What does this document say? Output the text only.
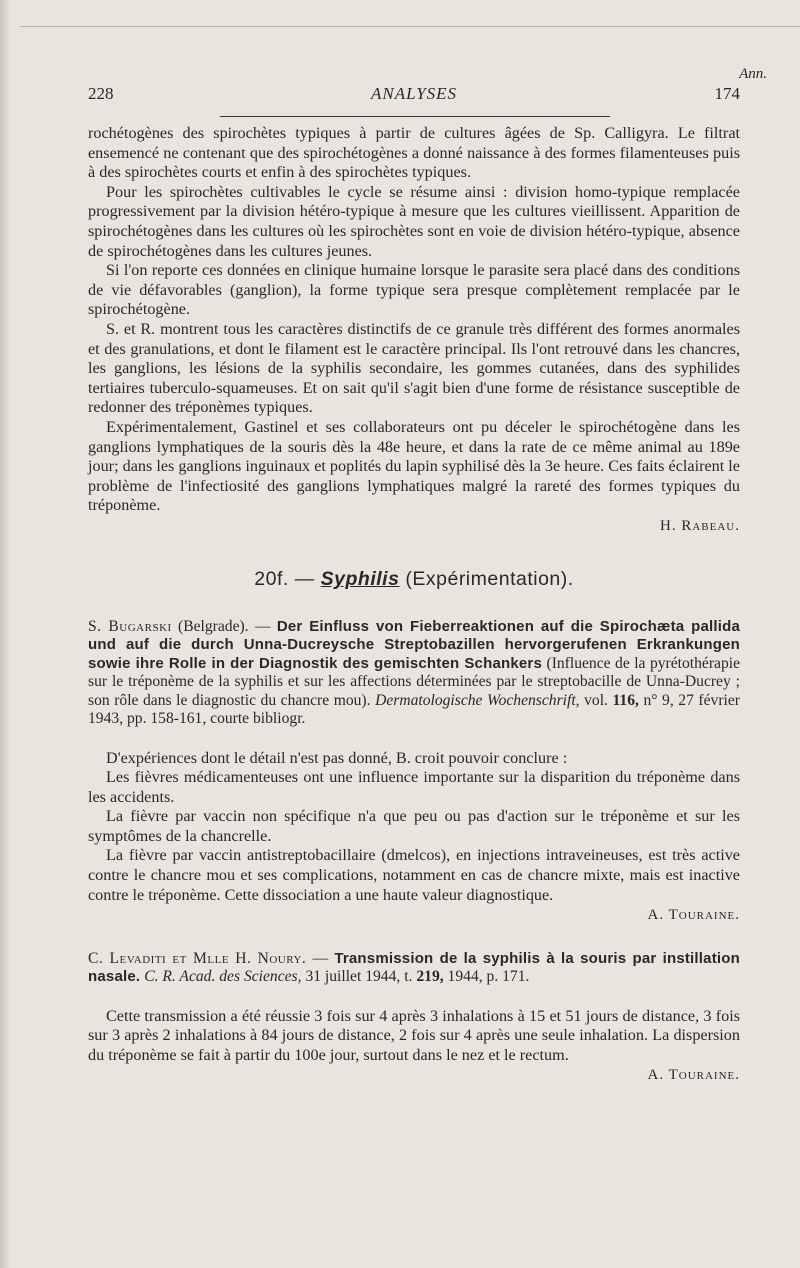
Ann.
228	ANALYSES	174

rochétogènes des spirochètes typiques à partir de cultures âgées de Sp. Calligyra. Le filtrat ensemencé ne contenant que des spirochétogènes a donné naissance à des formes filamenteuses puis à des spirochètes courts et enfin à des spirochètes typiques.

Pour les spirochètes cultivables le cycle se résume ainsi : division homo-typique remplacée progressivement par la division hétéro-typique à mesure que les cultures vieillissent. Apparition de spirochétogènes dans les cultures où les spirochètes sont en voie de division hétéro-typique, absence de spirochétogènes dans les cultures jeunes.

Si l'on reporte ces données en clinique humaine lorsque le parasite sera placé dans des conditions de vie défavorables (ganglion), la forme typique sera presque complètement remplacée par le spirochétogène.

S. et R. montrent tous les caractères distinctifs de ce granule très différent des formes anormales et des granulations, et dont le filament est le caractère principal. Ils l'ont retrouvé dans les chancres, les ganglions, les lésions de la syphilis secondaire, les gommes cutanées, dans des syphilides tertiaires tuberculo-squameuses. Et on sait qu'il s'agit bien d'une forme de résistance susceptible de redonner des tréponèmes typiques.

Expérimentalement, Gastinel et ses collaborateurs ont pu déceler le spirochétogène dans les ganglions lymphatiques de la souris dès la 48e heure, et dans la rate de ce même animal au 189e jour; dans les ganglions inguinaux et poplités du lapin syphilisé dès la 3e heure. Ces faits éclairent le problème de l'infectiosité des ganglions lymphatiques malgré la rareté des formes typiques du tréponème.

H. Rabeau.
20f. — Syphilis (Expérimentation).

S. Bugarski (Belgrade). — Der Einfluss von Fieberreaktionen auf die Spirochæta pallida und auf die durch Unna-Ducreysche Streptobazillen hervorgerufenen Erkrankungen sowie ihre Rolle in der Diagnostik des gemischten Schankers (Influence de la pyrétothérapie sur le tréponème de la syphilis et sur les affections déterminées par le streptobacille de Unna-Ducrey ; son rôle dans le diagnostic du chancre mou). Dermatologische Wochenschrift, vol. 116, n° 9, 27 février 1943, pp. 158-161, courte bibliogr.

D'expériences dont le détail n'est pas donné, B. croit pouvoir conclure :

Les fièvres médicamenteuses ont une influence importante sur la disparition du tréponème dans les accidents.

La fièvre par vaccin non spécifique n'a que peu ou pas d'action sur le tréponème et sur les symptômes de la chancrelle.

La fièvre par vaccin antistreptobacillaire (dmelcos), en injections intraveineuses, est très active contre le chancre mou et ses complications, notamment en cas de chancre mixte, mais est inactive contre le tréponème. Cette dissociation a une haute valeur diagnostique.

A. Touraine.

C. Levaditi et Mlle H. Noury. — Transmission de la syphilis à la souris par instillation nasale. C. R. Acad. des Sciences, 31 juillet 1944, t. 219, 1944, p. 171.

Cette transmission a été réussie 3 fois sur 4 après 3 inhalations à 15 et 51 jours de distance, 3 fois sur 3 après 2 inhalations à 84 jours de distance, 2 fois sur 4 après une seule inhalation. La dispersion du tréponème se fait à partir du 100e jour, surtout dans le nez et le rectum.

A. Touraine.
